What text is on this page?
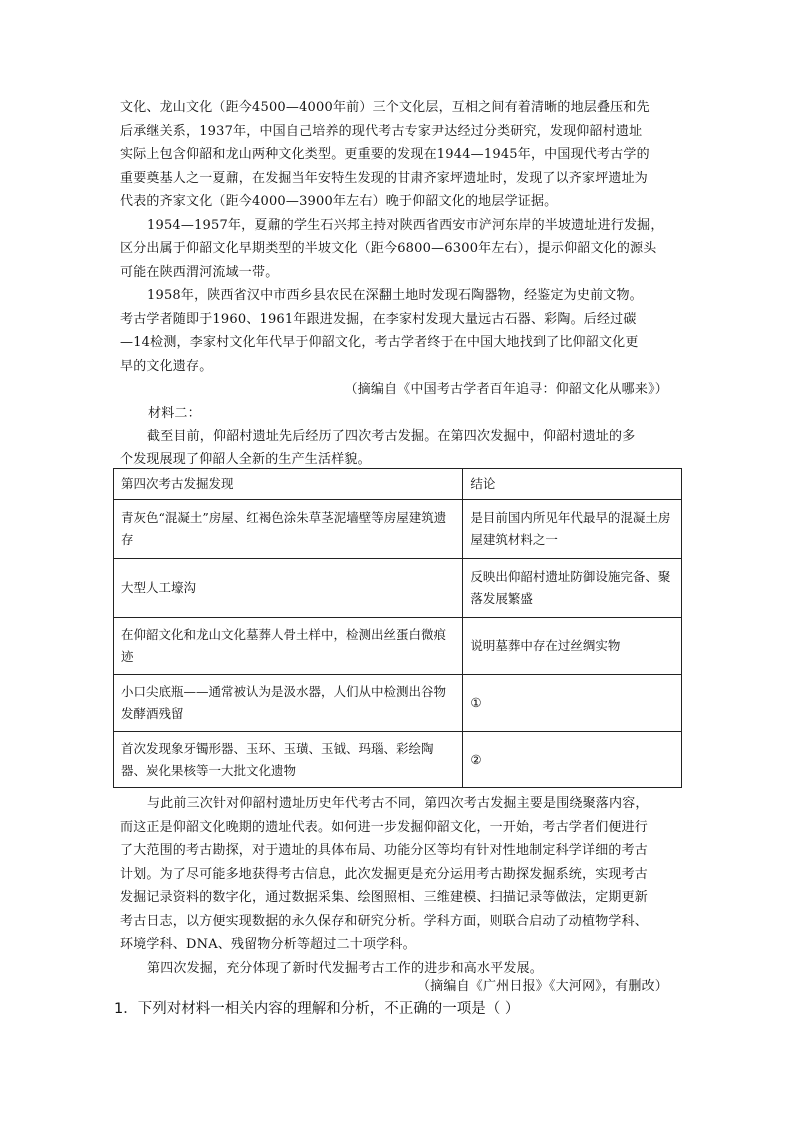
文化、龙山文化（距今4500—4000年前）三个文化层，互相之间有着清晰的地层叠压和先
后承继关系，1937年，中国自己培养的现代考古专家尹达经过分类研究，发现仰韶村遗址
实际上包含仰韶和龙山两种文化类型。更重要的发现在1944—1945年，中国现代考古学的
重要奠基人之一夏鼐，在发掘当年安特生发现的甘肃齐家坪遗址时，发现了以齐家坪遗址为
代表的齐家文化（距今4000—3900年左右）晚于仰韶文化的地层学证据。
1954—1957年，夏鼐的学生石兴邦主持对陕西省西安市浐河东岸的半坡遗址进行发掘，
区分出属于仰韶文化早期类型的半坡文化（距今6800—6300年左右），提示仰韶文化的源头
可能在陕西渭河流域一带。
1958年，陕西省汉中市西乡县农民在深翻土地时发现石陶器物，经鉴定为史前文物。
考古学者随即于1960、1961年跟进发掘，在李家村发现大量远古石器、彩陶。后经过碳
—14检测，李家村文化年代早于仰韶文化，考古学者终于在中国大地找到了比仰韶文化更
早的文化遗存。
（摘编自《中国考古学者百年追寻：仰韶文化从哪来》）
材料二：
截至目前，仰韶村遗址先后经历了四次考古发掘。在第四次发掘中，仰韶村遗址的多
个发现展现了仰韶人全新的生产生活样貌。
第四次考古发掘发现	结论
青灰色“混凝土”房屋、红褐色涂朱草茎泥墙壁等房屋建筑遗存	是目前国内所见年代最早的混凝土房屋建筑材料之一
大型人工壕沟	反映出仰韶村遗址防御设施完备、聚落发展繁盛
在仰韶文化和龙山文化墓葬人骨土样中，检测出丝蛋白微痕迹	说明墓葬中存在过丝绸实物
小口尖底瓶——通常被认为是汲水器，人们从中检测出谷物发酵酒残留	①
首次发现象牙镯形器、玉环、玉璜、玉钺、玛瑙、彩绘陶器、炭化果核等一大批文化遗物	②
与此前三次针对仰韶村遗址历史年代考古不同，第四次考古发掘主要是围绕聚落内容，
而这正是仰韶文化晚期的遗址代表。如何进一步发掘仰韶文化，一开始，考古学者们便进行
了大范围的考古勘探，对于遗址的具体布局、功能分区等均有针对性地制定科学详细的考古
计划。为了尽可能多地获得考古信息，此次发掘更是充分运用考古勘探发掘系统，实现考古
发掘记录资料的数字化，通过数据采集、绘图照相、三维建模、扫描记录等做法，定期更新
考古日志，以方便实现数据的永久保存和研究分析。学科方面，则联合启动了动植物学科、
环境学科、DNA、残留物分析等超过二十项学科。
第四次发掘，充分体现了新时代发掘考古工作的进步和高水平发展。
（摘编自《广州日报》《大河网》，有删改）
1．下列对材料一相关内容的理解和分析，不正确的一项是（ ）
